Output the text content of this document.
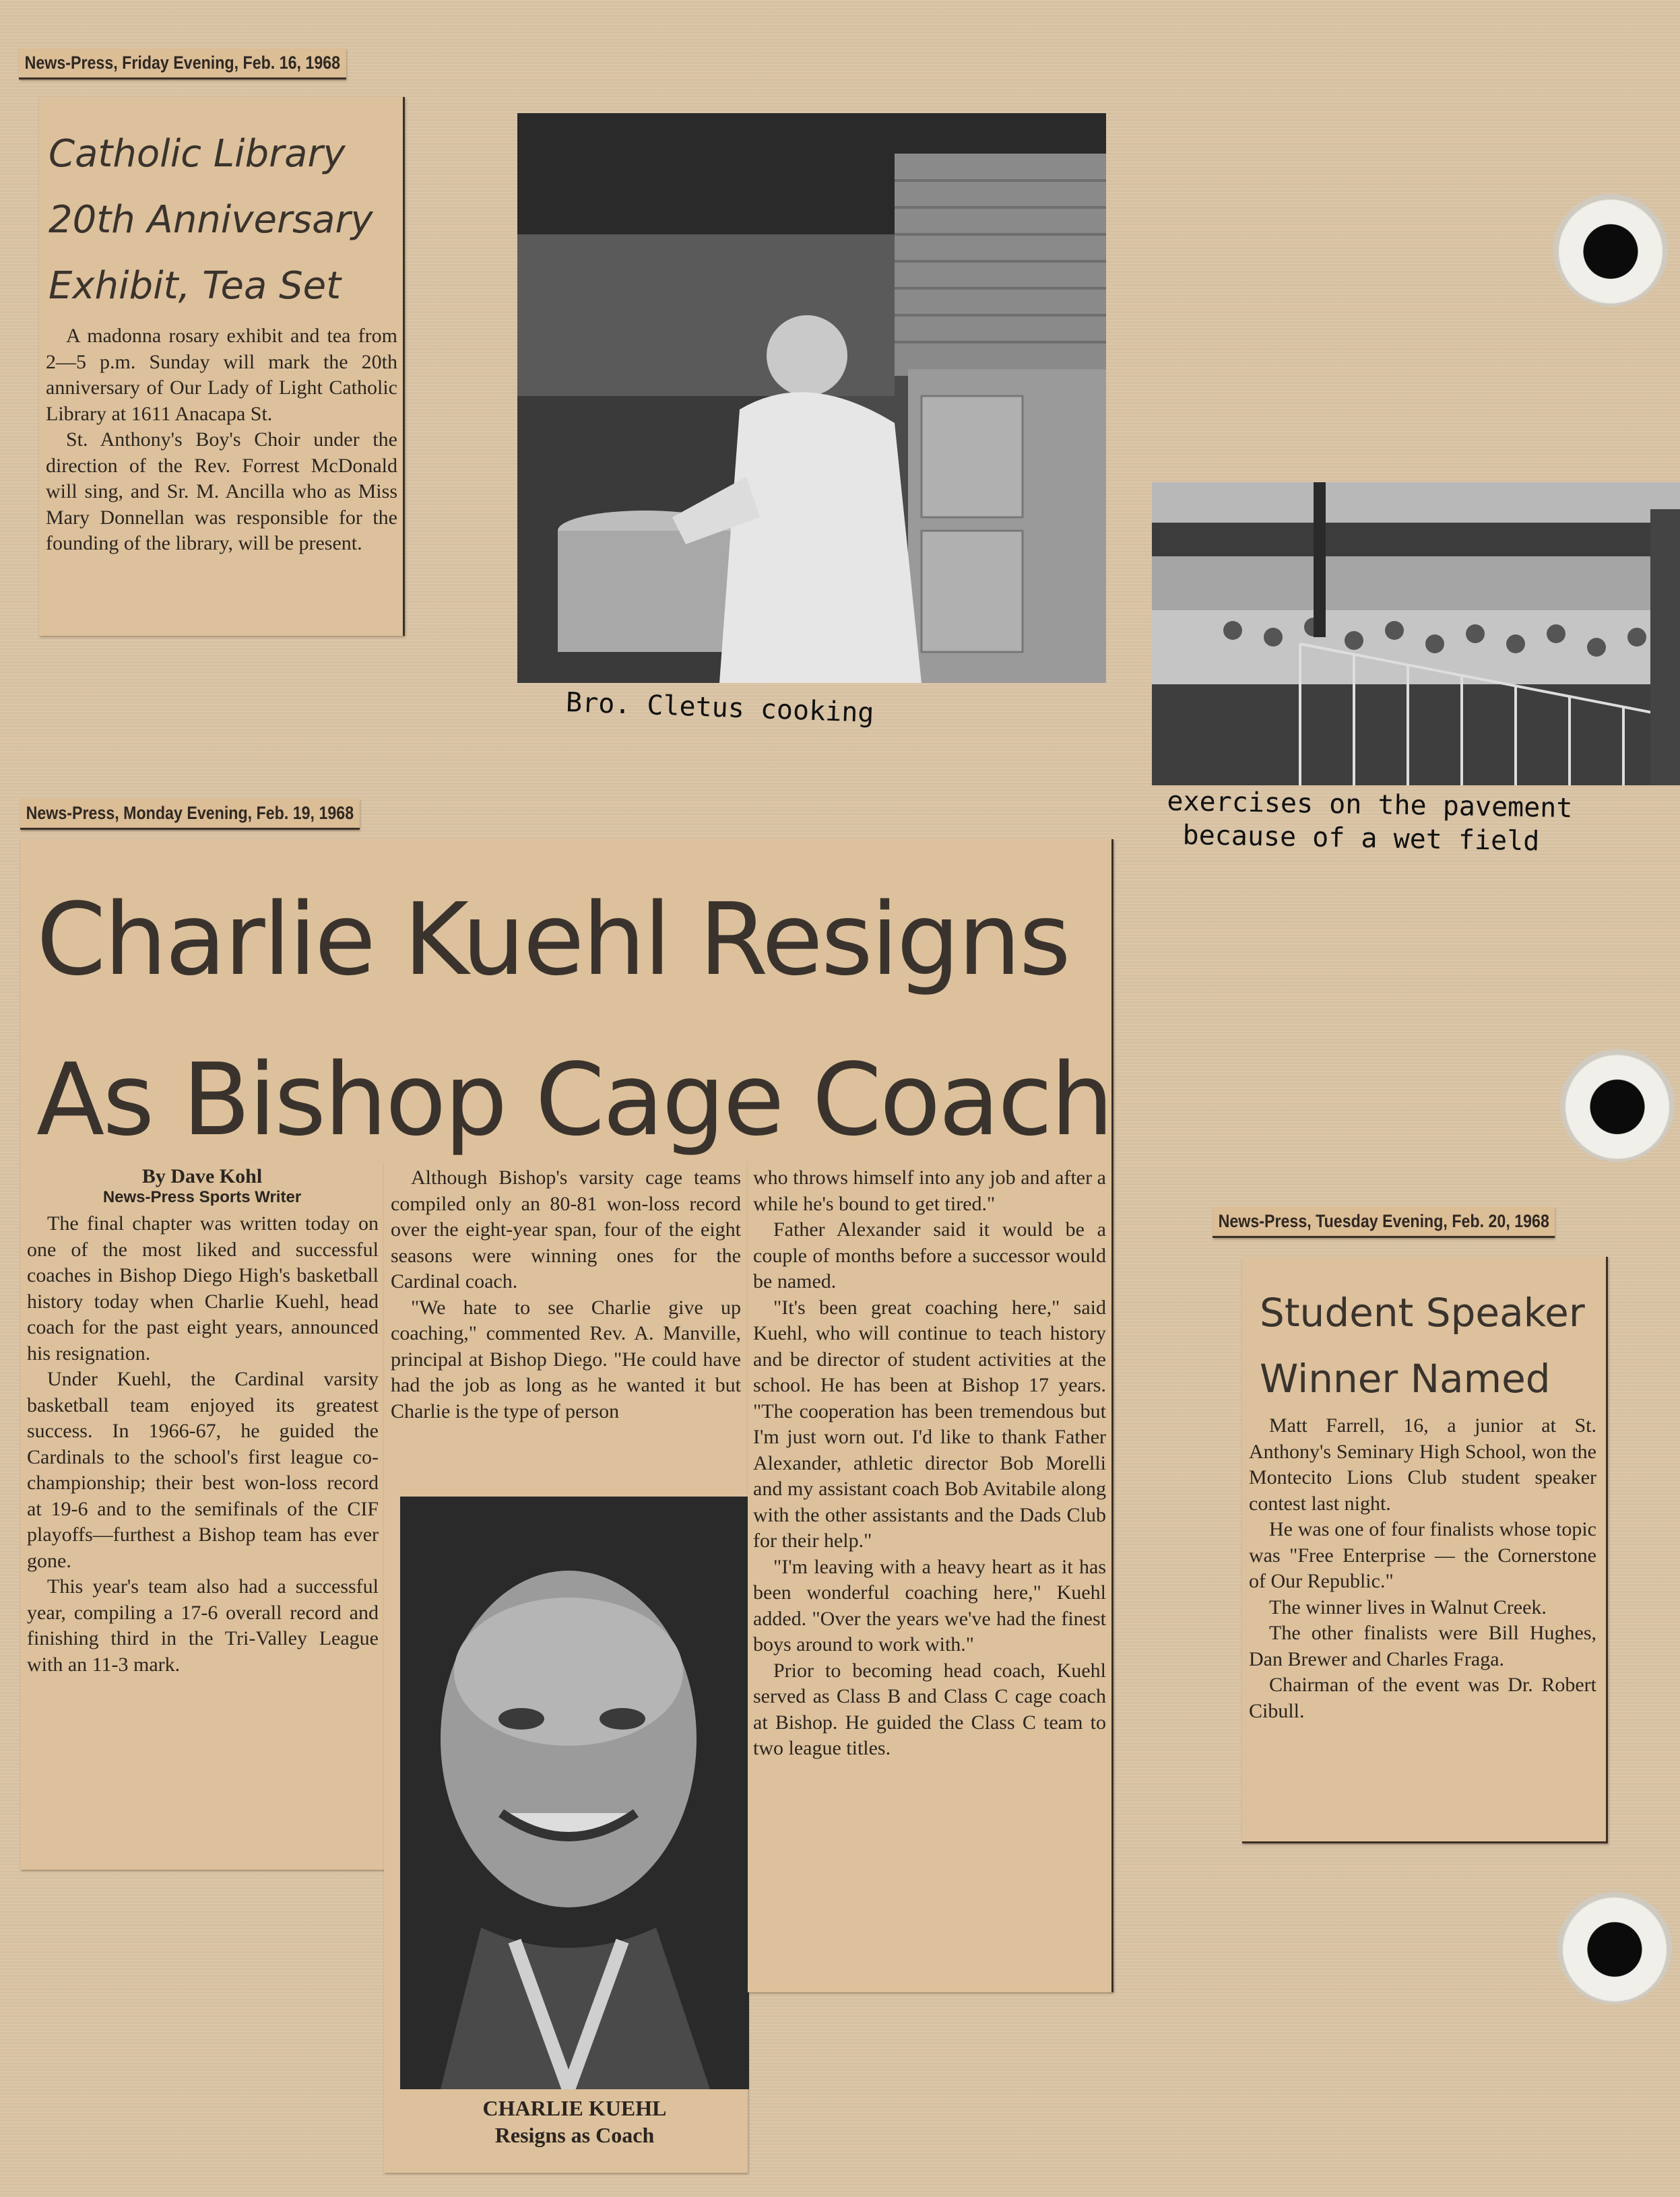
News-Press, Friday Evening, Feb. 16, 1968
Catholic Library
20th Anniversary
Exhibit, Tea Set

A madonna rosary exhibit and tea from 2—5 p.m. Sunday will mark the 20th anniversary of Our Lady of Light Catholic Library at 1611 Anacapa St.

St. Anthony's Boy's Choir under the direction of the Rev. Forrest McDonald will sing, and Sr. M. Ancilla who as Miss Mary Donnellan was responsible for the founding of the library, will be present.

Bro. Cletus cooking
exercises on the pavement
because of a wet field
News-Press, Monday Evening, Feb. 19, 1968
Charlie Kuehl Resigns
As Bishop Cage Coach
By Dave Kohl
News-Press Sports Writer

The final chapter was written today on one of the most liked and successful coaches in Bishop Diego High's basketball history today when Charlie Kuehl, head coach for the past eight years, announced his resignation.

Under Kuehl, the Cardinal varsity basketball team enjoyed its greatest success. In 1966-67, he guided the Cardinals to the school's first league co-championship; their best won-loss record at 19-6 and to the semifinals of the CIF playoffs—furthest a Bishop team has ever gone.

This year's team also had a successful year, compiling a 17-6 overall record and finishing third in the Tri-Valley League with an 11-3 mark.

Although Bishop's varsity cage teams compiled only an 80-81 won-loss record over the eight-year span, four of the eight seasons were winning ones for the Cardinal coach.

"We hate to see Charlie give up coaching," commented Rev. A. Manville, principal at Bishop Diego. "He could have had the job as long as he wanted it but Charlie is the type of person

CHARLIE KUEHL
Resigns as Coach

who throws himself into any job and after a while he's bound to get tired."

Father Alexander said it would be a couple of months before a successor would be named.

"It's been great coaching here," said Kuehl, who will continue to teach history and be director of student activities at the school. He has been at Bishop 17 years. "The cooperation has been tremendous but I'm just worn out. I'd like to thank Father Alexander, athletic director Bob Morelli and my assistant coach Bob Avitabile along with the other assistants and the Dads Club for their help."

"I'm leaving with a heavy heart as it has been wonderful coaching here," Kuehl added. "Over the years we've had the finest boys around to work with."

Prior to becoming head coach, Kuehl served as Class B and Class C cage coach at Bishop. He guided the Class C team to two league titles.

News-Press, Tuesday Evening, Feb. 20, 1968
Student Speaker
Winner Named

Matt Farrell, 16, a junior at St. Anthony's Seminary High School, won the Montecito Lions Club student speaker contest last night.

He was one of four finalists whose topic was "Free Enterprise — the Cornerstone of Our Republic."

The winner lives in Walnut Creek.

The other finalists were Bill Hughes, Dan Brewer and Charles Fraga.

Chairman of the event was Dr. Robert Cibull.
